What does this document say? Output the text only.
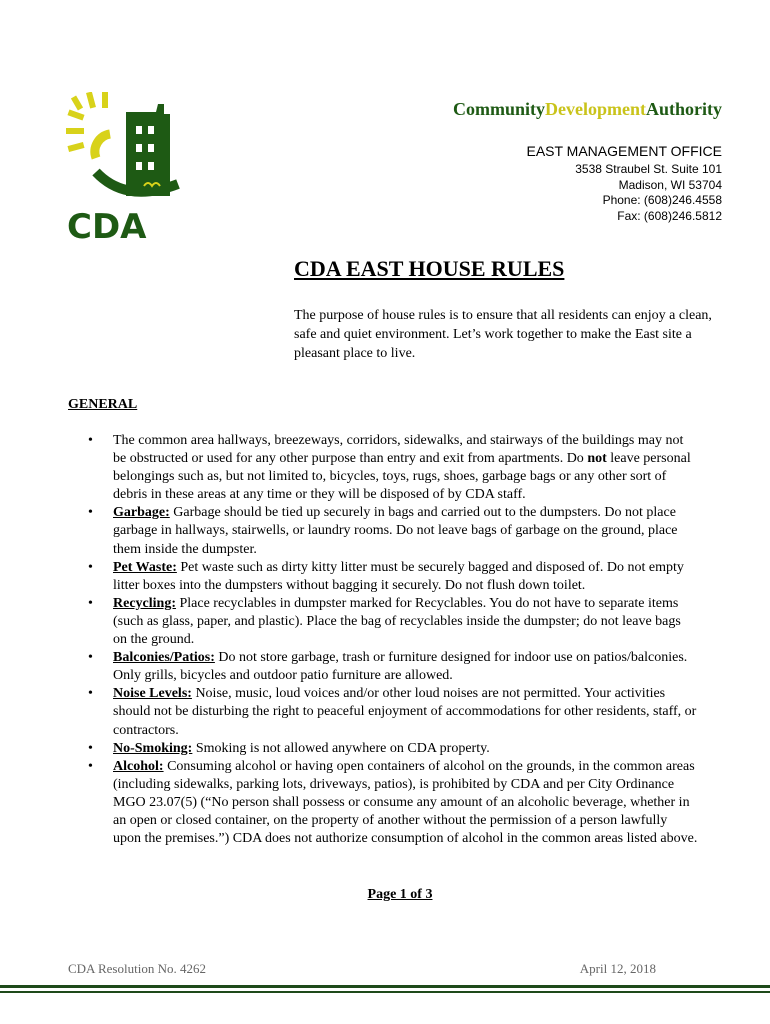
CDA
CommunityDevelopmentAuthority
EAST MANAGEMENT OFFICE
3538 Straubel St. Suite 101
Madison, WI 53704
Phone: (608)246.4558
Fax: (608)246.5812
CDA EAST HOUSE RULES
The purpose of house rules is to ensure that all residents can enjoy a clean, safe and quiet environment. Let’s work together to make the East site a pleasant place to live.
GENERAL
• The common area hallways, breezeways, corridors, sidewalks, and stairways of the buildings may not be obstructed or used for any other purpose than entry and exit from apartments. Do not leave personal belongings such as, but not limited to, bicycles, toys, rugs, shoes, garbage bags or any other sort of debris in these areas at any time or they will be disposed of by CDA staff.
• Garbage: Garbage should be tied up securely in bags and carried out to the dumpsters. Do not place garbage in hallways, stairwells, or laundry rooms. Do not leave bags of garbage on the ground, place them inside the dumpster.
• Pet Waste: Pet waste such as dirty kitty litter must be securely bagged and disposed of. Do not empty litter boxes into the dumpsters without bagging it securely. Do not flush down toilet.
• Recycling: Place recyclables in dumpster marked for Recyclables. You do not have to separate items (such as glass, paper, and plastic). Place the bag of recyclables inside the dumpster; do not leave bags on the ground.
• Balconies/Patios: Do not store garbage, trash or furniture designed for indoor use on patios/balconies. Only grills, bicycles and outdoor patio furniture are allowed.
• Noise Levels: Noise, music, loud voices and/or other loud noises are not permitted. Your activities should not be disturbing the right to peaceful enjoyment of accommodations for other residents, staff, or contractors.
• No-Smoking: Smoking is not allowed anywhere on CDA property.
• Alcohol: Consuming alcohol or having open containers of alcohol on the grounds, in the common areas (including sidewalks, parking lots, driveways, patios), is prohibited by CDA and per City Ordinance MGO 23.07(5) (“No person shall possess or consume any amount of an alcoholic beverage, whether in an open or closed container, on the property of another without the permission of a person lawfully upon the premises.”) CDA does not authorize consumption of alcohol in the common areas listed above.
Page 1 of 3
CDA Resolution No. 4262	April 12, 2018
